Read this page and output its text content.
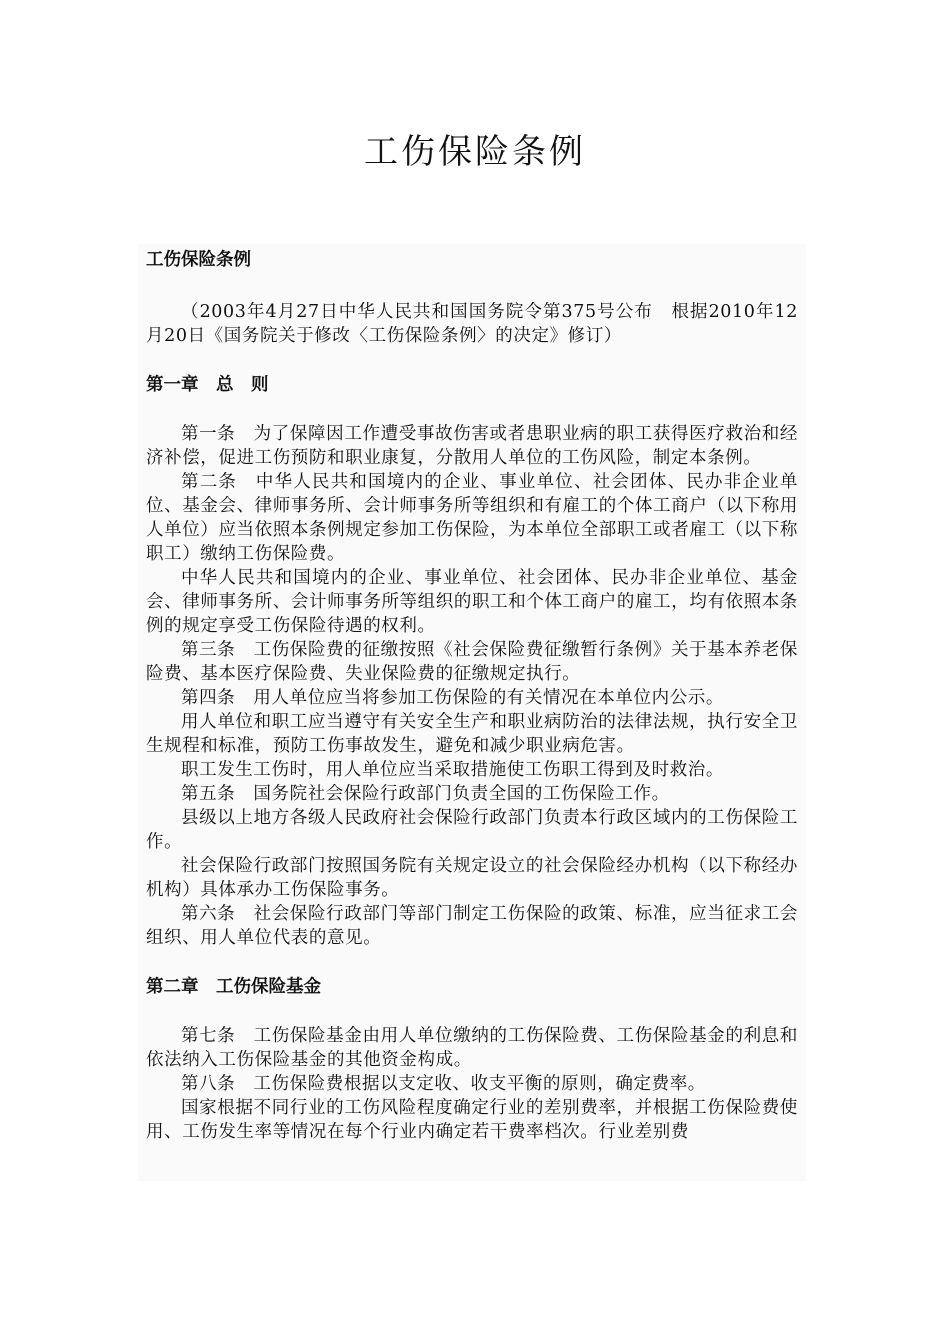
工伤保险条例

工伤保险条例

（2003年4月27日中华人民共和国国务院令第375号公布　根据2010年12月20日《国务院关于修改〈工伤保险条例〉的决定》修订）

第一章　总　则

第一条　为了保障因工作遭受事故伤害或者患职业病的职工获得医疗救治和经济补偿，促进工伤预防和职业康复，分散用人单位的工伤风险，制定本条例。

第二条　中华人民共和国境内的企业、事业单位、社会团体、民办非企业单位、基金会、律师事务所、会计师事务所等组织和有雇工的个体工商户（以下称用人单位）应当依照本条例规定参加工伤保险，为本单位全部职工或者雇工（以下称职工）缴纳工伤保险费。

中华人民共和国境内的企业、事业单位、社会团体、民办非企业单位、基金会、律师事务所、会计师事务所等组织的职工和个体工商户的雇工，均有依照本条例的规定享受工伤保险待遇的权利。

第三条　工伤保险费的征缴按照《社会保险费征缴暂行条例》关于基本养老保险费、基本医疗保险费、失业保险费的征缴规定执行。

第四条　用人单位应当将参加工伤保险的有关情况在本单位内公示。

用人单位和职工应当遵守有关安全生产和职业病防治的法律法规，执行安全卫生规程和标准，预防工伤事故发生，避免和减少职业病危害。

职工发生工伤时，用人单位应当采取措施使工伤职工得到及时救治。

第五条　国务院社会保险行政部门负责全国的工伤保险工作。

县级以上地方各级人民政府社会保险行政部门负责本行政区域内的工伤保险工作。

社会保险行政部门按照国务院有关规定设立的社会保险经办机构（以下称经办机构）具体承办工伤保险事务。

第六条　社会保险行政部门等部门制定工伤保险的政策、标准，应当征求工会组织、用人单位代表的意见。

第二章　工伤保险基金

第七条　工伤保险基金由用人单位缴纳的工伤保险费、工伤保险基金的利息和依法纳入工伤保险基金的其他资金构成。

第八条　工伤保险费根据以支定收、收支平衡的原则，确定费率。

国家根据不同行业的工伤风险程度确定行业的差别费率，并根据工伤保险费使用、工伤发生率等情况在每个行业内确定若干费率档次。行业差别费
